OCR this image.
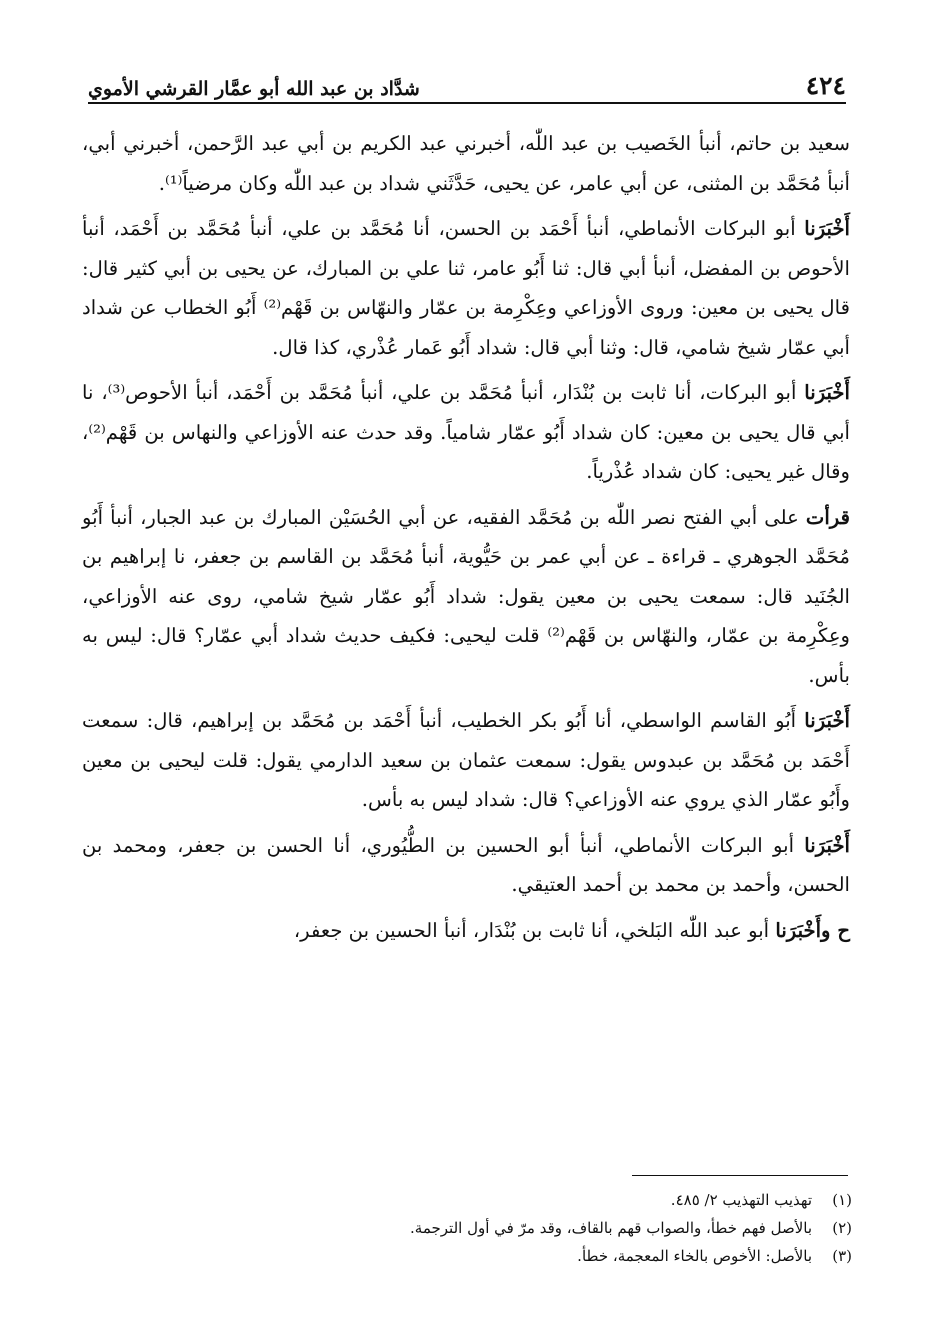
٤٢٤
شدَّاد بن عبد الله أبو عمَّار القرشي الأموي

سعيد بن حاتم، أنبأ الخَصيب بن عبد اللّٰه، أخبرني عبد الكريم بن أبي عبد الرَّحمن، أخبرني أبي، أنبأ مُحَمَّد بن المثنى، عن أبي عامر، عن يحيى، حَدَّثَني شداد بن عبد اللّٰه وكان مرضياً⁽¹⁾.

أَخْبَرَنا أبو البركات الأنماطي، أنبأ أَحْمَد بن الحسن، أنا مُحَمَّد بن علي، أنبأ مُحَمَّد بن أَحْمَد، أنبأ الأحوص بن المفضل، أنبأ أبي قال: ثنا أَبُو عامر، ثنا علي بن المبارك، عن يحيى بن أبي كثير قال: قال يحيى بن معين: وروى الأوزاعي وعِكْرِمة بن عمّار والنهّاس بن قَهْم⁽²⁾ أَبُو الخطاب عن شداد أبي عمّار شيخ شامي، قال: وثنا أبي قال: شداد أَبُو عَمار عُذْري، كذا قال.

أَخْبَرَنا أبو البركات، أنا ثابت بن بُنْدَار، أنبأ مُحَمَّد بن علي، أنبأ مُحَمَّد بن أَحْمَد، أنبأ الأحوص⁽³⁾، نا أبي قال يحيى بن معين: كان شداد أَبُو عمّار شامياً. وقد حدث عنه الأوزاعي والنهاس بن قَهْم⁽²⁾، وقال غير يحيى: كان شداد عُذْرياً.

قرأت على أبي الفتح نصر اللّٰه بن مُحَمَّد الفقيه، عن أبي الحُسَيْن المبارك بن عبد الجبار، أنبأ أَبُو مُحَمَّد الجوهري ـ قراءة ـ عن أبي عمر بن حَيُّوية، أنبأ مُحَمَّد بن القاسم بن جعفر، نا إبراهيم بن الجُنَيد قال: سمعت يحيى بن معين يقول: شداد أَبُو عمّار شيخ شامي، روى عنه الأوزاعي، وعِكْرِمة بن عمّار، والنهّاس بن قَهْم⁽²⁾ قلت ليحيى: فكيف حديث شداد أبي عمّار؟ قال: ليس به بأس.

أَخْبَرَنا أَبُو القاسم الواسطي، أنا أَبُو بكر الخطيب، أنبأ أَحْمَد بن مُحَمَّد بن إبراهيم، قال: سمعت أَحْمَد بن مُحَمَّد بن عبدوس يقول: سمعت عثمان بن سعيد الدارمي يقول: قلت ليحيى بن معين وأَبُو عمّار الذي يروي عنه الأوزاعي؟ قال: شداد ليس به بأس.

أَخْبَرَنا أبو البركات الأنماطي، أنبأ أبو الحسين بن الطُّيُوري، أنا الحسن بن جعفر، ومحمد بن الحسن، وأحمد بن محمد بن أحمد العتيقي.

ح وأَخْبَرَنا أبو عبد اللّٰه البَلخي، أنا ثابت بن بُنْدَار، أنبأ الحسين بن جعفر،

(١)
تهذيب التهذيب ٢/ ٤٨٥.
(٢)
بالأصل فهم خطأ، والصواب قهم بالقاف، وقد مرّ في أول الترجمة.
(٣)
بالأصل: الأخوص بالخاء المعجمة، خطأ.
